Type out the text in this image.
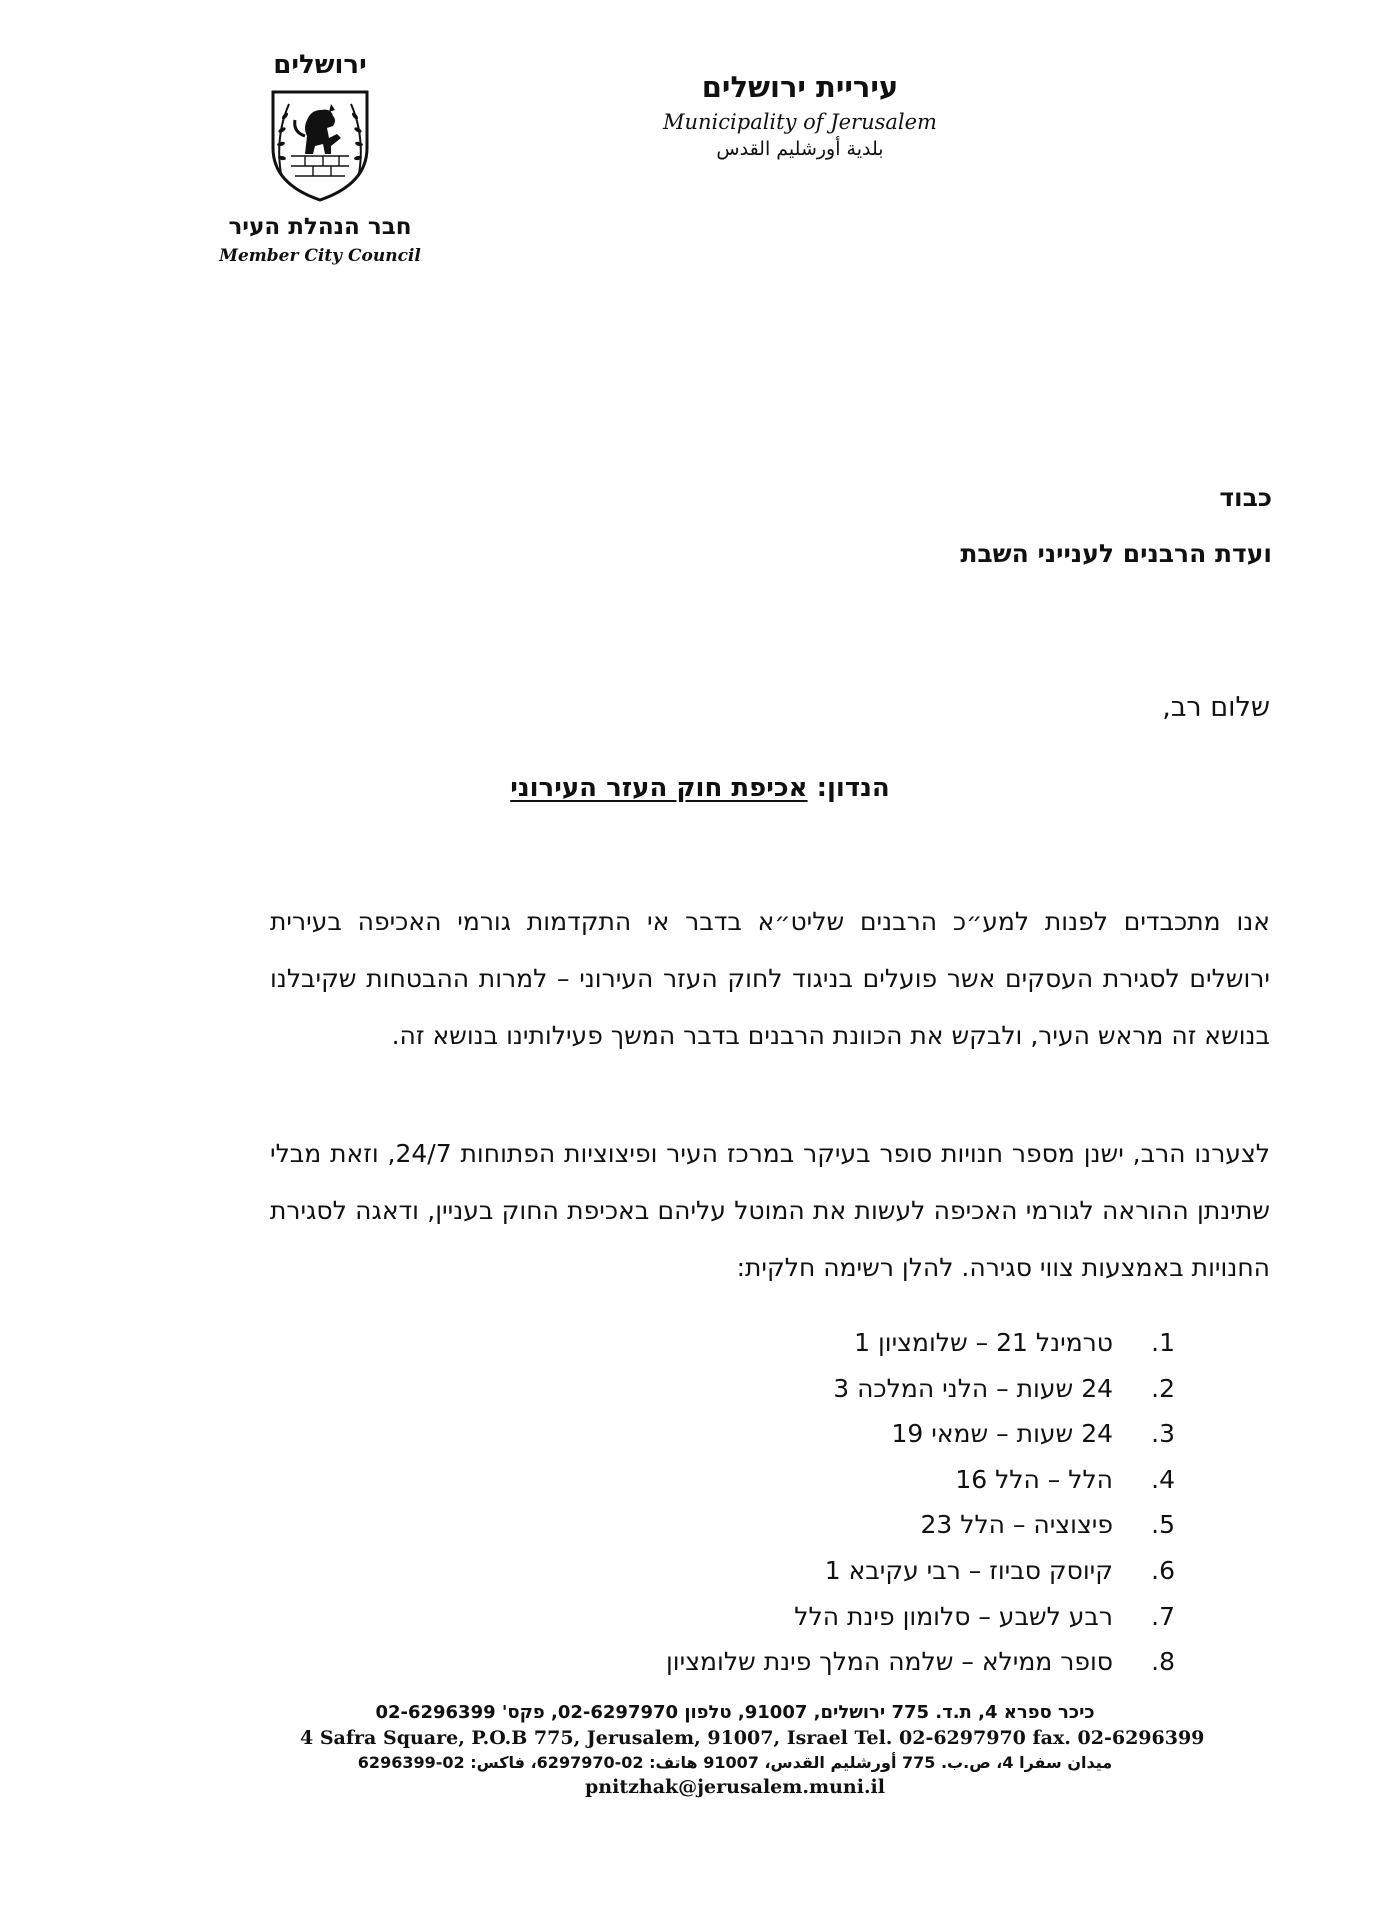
ירושלים
חבר הנהלת העיר
Member City Council
עיריית ירושלים
Municipality of Jerusalem
بلدية أورشليم القدس
כבוד
ועדת הרבנים לענייני השבת
שלום רב,
הנדון: אכיפת חוק העזר העירוני
אנו מתכבדים לפנות למע״כ הרבנים שליט״א בדבר אי התקדמות גורמי האכיפה בעירית ירושלים לסגירת העסקים אשר פועלים בניגוד לחוק העזר העירוני – למרות ההבטחות שקיבלנו בנושא זה מראש העיר, ולבקש את הכוונת הרבנים בדבר המשך פעילותינו בנושא זה.
לצערנו הרב, ישנן מספר חנויות סופר בעיקר במרכז העיר ופיצוציות הפתוחות 24/7, וזאת מבלי שתינתן ההוראה לגורמי האכיפה לעשות את המוטל עליהם באכיפת החוק בעניין, ודאגה לסגירת החנויות באמצעות צווי סגירה. להלן רשימה חלקית:
1.טרמינל 21 – שלומציון 1
2.24 שעות – הלני המלכה 3
3.24 שעות – שמאי 19
4.הלל – הלל 16
5.פיצוציה – הלל 23
6.קיוסק סביוז – רבי עקיבא 1
7.רבע לשבע – סלומון פינת הלל
8.סופר ממילא – שלמה המלך פינת שלומציון
כיכר ספרא 4, ת.ד. 775 ירושלים, 91007, טלפון 02-6297970, פקס' 02-6296399
4 Safra Square, P.O.B 775, Jerusalem, 91007, Israel Tel. 02-6297970 fax. 02-6296399
ميدان سفرا 4، ص.ب. 775 أورشليم القدس، 91007 هاتف: 02-6297970، فاكس: 02-6296399
pnitzhak@jerusalem.muni.il
